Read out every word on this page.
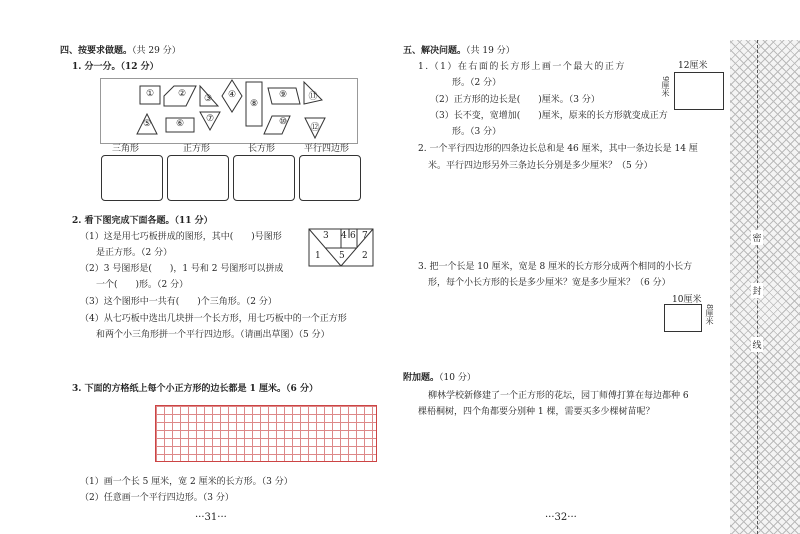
四、按要求做题。（共 29 分）
1. 分一分。（12 分）
①	②	③ ④
⑤	⑥	⑦
⑧
⑨
⑩
⑪
⑫
三角形	正方形	长方形	平行四边形
2. 看下图完成下面各题。（11 分）
（1）这是用七巧板拼成的图形，其中(　　)号图形
是正方形。（2 分）
（2）3 号图形是(　　)，1 号和 2 号图形可以拼成
一个(　　)形。（2 分）
（3）这个图形中一共有(　　)个三角形。（2 分）
（4）从七巧板中选出几块拼一个长方形，用七巧板中的一个正方形
和两个小三角形拼一个平行四边形。（请画出草图）（5 分）
3 4 6 7
1 5 2
3. 下面的方格纸上每个小正方形的边长都是 1 厘米。（6 分）
（1）画一个长 5 厘米，宽 2 厘米的长方形。（3 分）
（2）任意画一个平行四边形。（3 分）
···31···
五、解决问题。（共 19 分）
1.（1）在右面的长方形上画一个最大的正方
形。（2 分）
（2）正方形的边长是(　　)厘米。（3 分）
（3）长不变，宽增加(　　)厘米，原来的长方形就变成正方
形。（3 分）
12厘米
9厘米
2. 一个平行四边形的四条边长总和是 46 厘米，其中一条边长是 14 厘
米。平行四边形另外三条边长分别是多少厘米？（5 分）
3. 把一个长是 10 厘米，宽是 8 厘米的长方形分成两个相同的小长方
形，每个小长方形的长是多少厘米？宽是多少厘米？（6 分）
10厘米
8厘米
附加题。（10 分）
柳林学校新修建了一个正方形的花坛，园丁师傅打算在每边都种 6
棵梧桐树，四个角都要分别种 1 棵，需要买多少棵树苗呢？
···32···
密
封
线
